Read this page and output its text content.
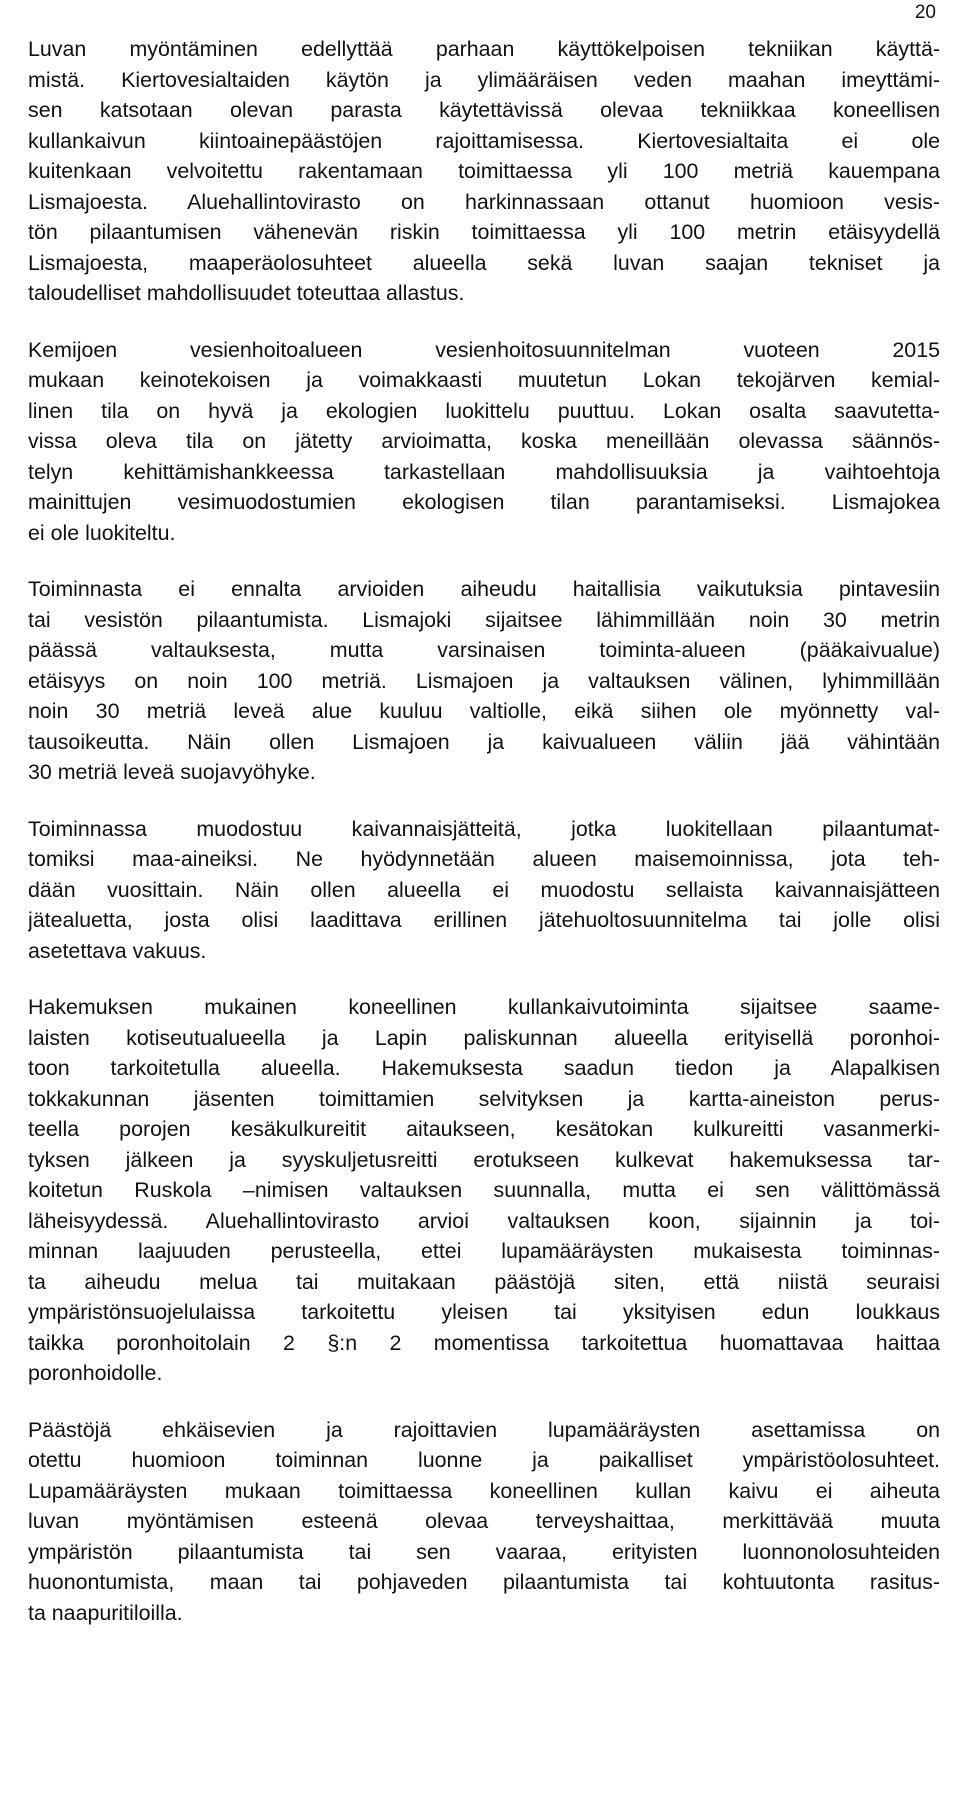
20
Luvan myöntäminen edellyttää parhaan käyttökelpoisen tekniikan käyttä-
mistä. Kiertovesialtaiden käytön ja ylimääräisen veden maahan imeyttämi-
sen katsotaan olevan parasta käytettävissä olevaa tekniikkaa koneellisen
kullankaivun kiintoainepäästöjen rajoittamisessa. Kiertovesialtaita ei ole
kuitenkaan velvoitettu rakentamaan toimittaessa yli 100 metriä kauempana
Lismajoesta. Aluehallintovirasto on harkinnassaan ottanut huomioon vesis-
tön pilaantumisen vähenevän riskin toimittaessa yli 100 metrin etäisyydellä
Lismajoesta, maaperäolosuhteet alueella sekä luvan saajan tekniset ja
taloudelliset mahdollisuudet toteuttaa allastus.
Kemijoen vesienhoitoalueen vesienhoitosuunnitelman vuoteen 2015
mukaan keinotekoisen ja voimakkaasti muutetun Lokan tekojärven kemial-
linen tila on hyvä ja ekologien luokittelu puuttuu. Lokan osalta saavutetta-
vissa oleva tila on jätetty arvioimatta, koska meneillään olevassa säännös-
telyn kehittämishankkeessa tarkastellaan mahdollisuuksia ja vaihtoehtoja
mainittujen vesimuodostumien ekologisen tilan parantamiseksi. Lismajokea
ei ole luokiteltu.
Toiminnasta ei ennalta arvioiden aiheudu haitallisia vaikutuksia pintavesiin
tai vesistön pilaantumista. Lismajoki sijaitsee lähimmillään noin 30 metrin
päässä valtauksesta, mutta varsinaisen toiminta-alueen (pääkaivualue)
etäisyys on noin 100 metriä. Lismajoen ja valtauksen välinen, lyhimmillään
noin 30 metriä leveä alue kuuluu valtiolle, eikä siihen ole myönnetty val-
tausoikeutta. Näin ollen Lismajoen ja kaivualueen väliin jää vähintään
30 metriä leveä suojavyöhyke.
Toiminnassa muodostuu kaivannaisjätteitä, jotka luokitellaan pilaantumat-
tomiksi maa-aineiksi. Ne hyödynnetään alueen maisemoinnissa, jota teh-
dään vuosittain. Näin ollen alueella ei muodostu sellaista kaivannaisjätteen
jätealuetta, josta olisi laadittava erillinen jätehuoltosuunnitelma tai jolle olisi
asetettava vakuus.
Hakemuksen mukainen koneellinen kullankaivutoiminta sijaitsee saame-
laisten kotiseutualueella ja Lapin paliskunnan alueella erityisellä poronhoi-
toon tarkoitetulla alueella. Hakemuksesta saadun tiedon ja Alapalkisen
tokkakunnan jäsenten toimittamien selvityksen ja kartta-aineiston perus-
teella porojen kesäkulkureitit aitaukseen, kesätokan kulkureitti vasanmerki-
tyksen jälkeen ja syyskuljetusreitti erotukseen kulkevat hakemuksessa tar-
koitetun Ruskola –nimisen valtauksen suunnalla, mutta ei sen välittömässä
läheisyydessä. Aluehallintovirasto arvioi valtauksen koon, sijainnin ja toi-
minnan laajuuden perusteella, ettei lupamääräysten mukaisesta toiminnas-
ta aiheudu melua tai muitakaan päästöjä siten, että niistä seuraisi
ympäristönsuojelulaissa tarkoitettu yleisen tai yksityisen edun loukkaus
taikka poronhoitolain 2 §:n 2 momentissa tarkoitettua huomattavaa haittaa
poronhoidolle.
Päästöjä ehkäisevien ja rajoittavien lupamääräysten asettamissa on
otettu huomioon toiminnan luonne ja paikalliset ympäristöolosuhteet.
Lupamääräysten mukaan toimittaessa koneellinen kullan kaivu ei aiheuta
luvan myöntämisen esteenä olevaa terveyshaittaa, merkittävää muuta
ympäristön pilaantumista tai sen vaaraa, erityisten luonnonolosuhteiden
huonontumista, maan tai pohjaveden pilaantumista tai kohtuutonta rasitus-
ta naapuritiloilla.
